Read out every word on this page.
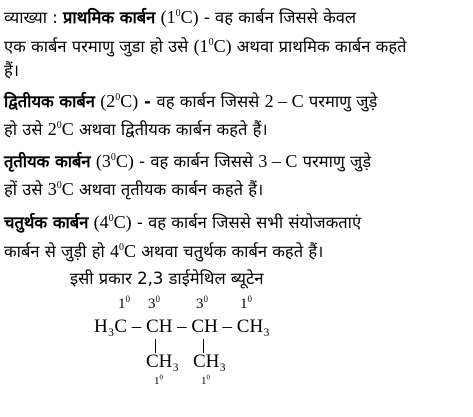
व्याख्या : प्राथमिक कार्बन $(1^0C)$ - वह कार्बन जिससे केवल
एक कार्बन परमाणु जुडा हो उसे $(1^0C)$ अथवा प्राथमिक कार्बन कहते
हैं।
द्वितीयक कार्बन $(2^0C)$ - वह कार्बन जिससे 2 – C परमाणु जुड़े
हो उसे $2^0C$ अथवा द्वितीयक कार्बन कहते हैं।
तृतीयक कार्बन $(3^0C)$ - वह कार्बन जिससे 3 – C परमाणु जुड़े
हों उसे $3^0C$ अथवा तृतीयक कार्बन कहते हैं।
चतुर्थक कार्बन $(4^0C)$ - वह कार्बन जिससे सभी संयोजकताएं
कार्बन से जुड़ी हो $4^0C$ अथवा चतुर्थक कार्बन कहते हैं।
इसी प्रकार 2,3 डाईमेथिल ब्यूटेन
$1^0$ $3^0$ $3^0$ $1^0$
H₃C – CH – CH – CH₃
CH₃ CH₃
$1^0$	$1^0$
